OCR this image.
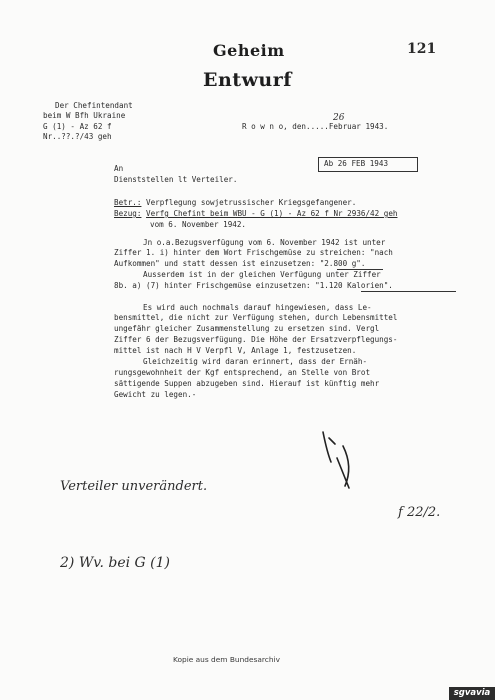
Geheim
Entwurf
121
Der Chefintendant
beim W Bfh Ukraine
G (1) - Az 62 f
Nr..??.?/43 geh
R o w n o, den.....Februar 1943.
26
Ab 26 FEB 1943
An
Dienststellen lt Verteiler.
Betr.: Verpflegung sowjetrussischer Kriegsgefangener.
Bezug: Verfg Chefint beim WBU - G (1) - Az 62 f Nr 2936/42 geh
vom 6. November 1942.
Jn o.a.Bezugsverfügung vom 6. November 1942 ist unter
Ziffer 1. i) hinter dem Wort Frischgemüse zu streichen: "nach
Aufkommen" und statt dessen ist einzusetzen: "2.800 g".
Ausserdem ist in der gleichen Verfügung unter Ziffer
8b. a) (7) hinter Frischgemüse einzusetzen: "1.120 Kalorien".
Es wird auch nochmals darauf hingewiesen, dass Le-
bensmittel, die nicht zur Verfügung stehen, durch Lebensmittel
ungefähr gleicher Zusammenstellung zu ersetzen sind. Vergl
Ziffer 6 der Bezugsverfügung. Die Höhe der Ersatzverpflegungs-
mittel ist nach H V Verpfl V, Anlage 1, festzusetzen.
Gleichzeitig wird daran erinnert, dass der Ernäh-
rungsgewohnheit der Kgf entsprechend, an Stelle von Brot
sättigende Suppen abzugeben sind. Hierauf ist künftig mehr
Gewicht zu legen.-
Verteiler unverändert.
f 22/2.
2) Wv. bei G (1)
Kopie aus dem Bundesarchiv
sgvavia
